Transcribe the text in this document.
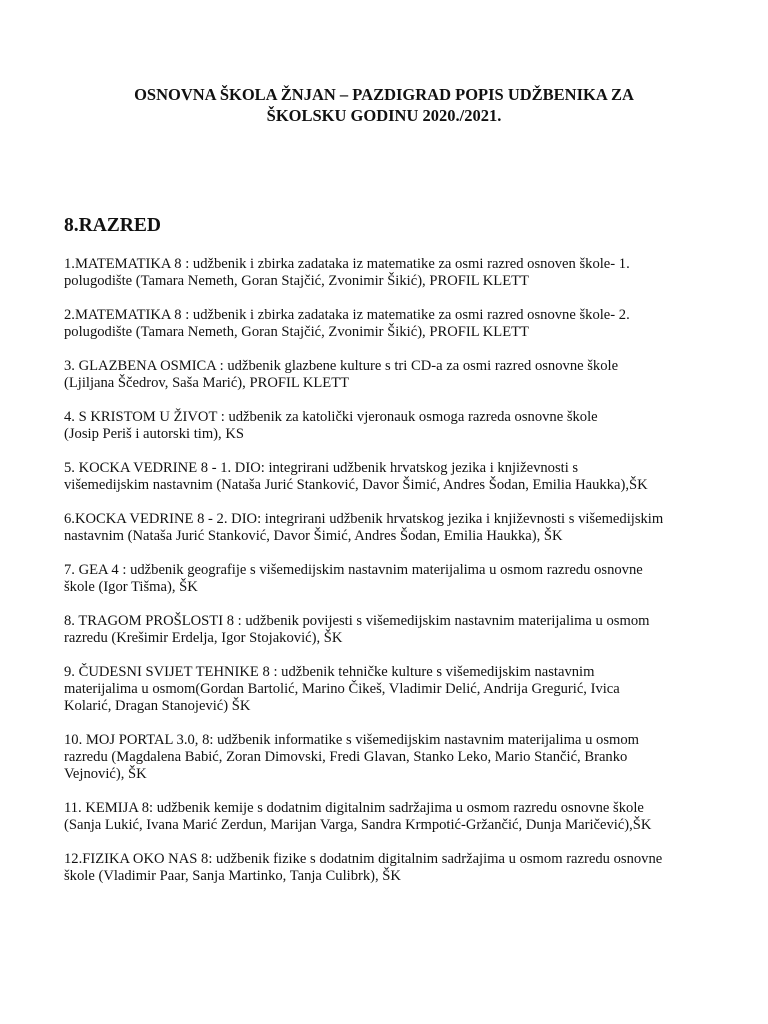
OSNOVNA ŠKOLA ŽNJAN – PAZDIGRAD POPIS UDŽBENIKA ZA
ŠKOLSKU GODINU 2020./2021.
8.RAZRED

1.MATEMATIKA 8 : udžbenik i zbirka zadataka iz matematike za osmi razred osnoven škole- 1.
polugodište (Tamara Nemeth, Goran Stajčić, Zvonimir Šikić), PROFIL KLETT

2.MATEMATIKA 8 : udžbenik i zbirka zadataka iz matematike za osmi razred osnovne škole- 2.
polugodište (Tamara Nemeth, Goran Stajčić, Zvonimir Šikić), PROFIL KLETT

3. GLAZBENA OSMICA : udžbenik glazbene kulture s tri CD-a za osmi razred osnovne škole
(Ljiljana Ščedrov, Saša Marić), PROFIL KLETT

4. S KRISTOM U ŽIVOT : udžbenik za katolički vjeronauk osmoga razreda osnovne škole
(Josip Periš i autorski tim), KS

5. KOCKA VEDRINE 8 - 1. DIO: integrirani udžbenik hrvatskog jezika i književnosti s
višemedijskim nastavnim (Nataša Jurić Stanković, Davor Šimić, Andres Šodan, Emilia Haukka),ŠK

6.KOCKA VEDRINE 8 - 2. DIO: integrirani udžbenik hrvatskog jezika i književnosti s višemedijskim
nastavnim (Nataša Jurić Stanković, Davor Šimić, Andres Šodan, Emilia Haukka), ŠK

7. GEA 4 : udžbenik geografije s višemedijskim nastavnim materijalima u osmom razredu osnovne
škole (Igor Tišma), ŠK

8. TRAGOM PROŠLOSTI 8 : udžbenik povijesti s višemedijskim nastavnim materijalima u osmom
razredu (Krešimir Erdelja, Igor Stojaković), ŠK

9. ČUDESNI SVIJET TEHNIKE 8 : udžbenik tehničke kulture s višemedijskim nastavnim
materijalima u osmom(Gordan Bartolić, Marino Čikeš, Vladimir Delić, Andrija Gregurić, Ivica
Kolarić, Dragan Stanojević) ŠK

10. MOJ PORTAL 3.0, 8: udžbenik informatike s višemedijskim nastavnim materijalima u osmom
razredu (Magdalena Babić, Zoran Dimovski, Fredi Glavan, Stanko Leko, Mario Stančić, Branko
Vejnović), ŠK

11. KEMIJA 8: udžbenik kemije s dodatnim digitalnim sadržajima u osmom razredu osnovne škole
(Sanja Lukić, Ivana Marić Zerdun, Marijan Varga, Sandra Krmpotić-Gržančić, Dunja Maričević),ŠK

12.FIZIKA OKO NAS 8: udžbenik fizike s dodatnim digitalnim sadržajima u osmom razredu osnovne
škole (Vladimir Paar, Sanja Martinko, Tanja Culibrk), ŠK
